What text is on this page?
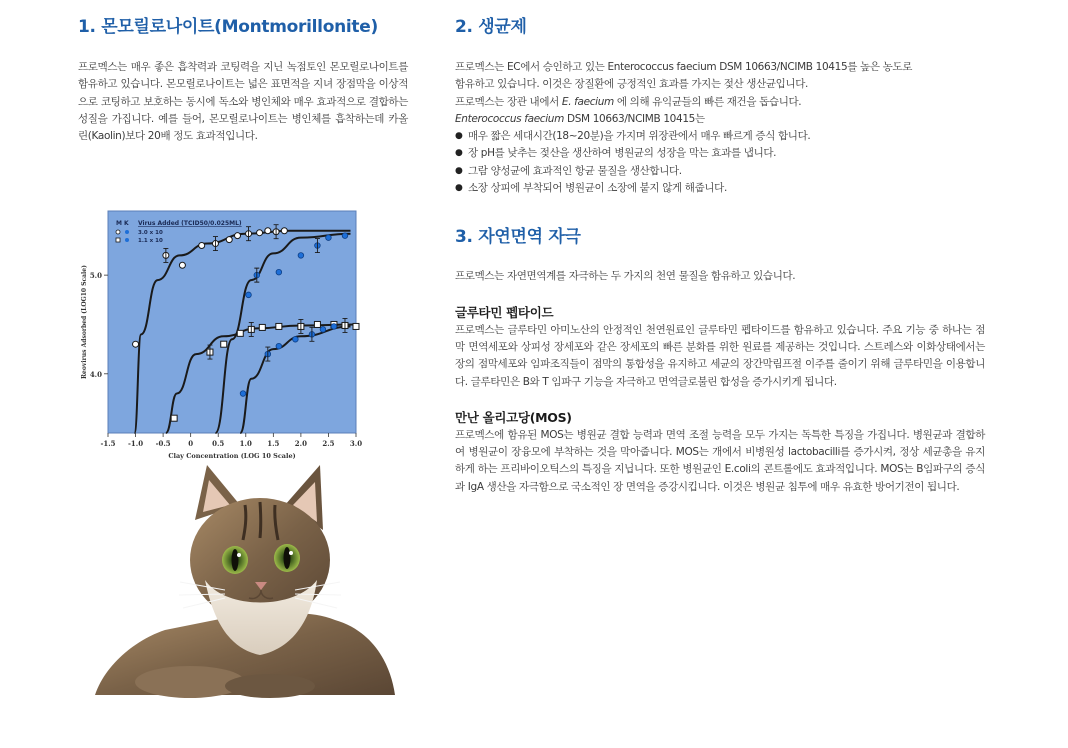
1. 몬모릴로나이트(Montmorillonite)

프로멕스는 매우 좋은 흡착력과 코팅력을 지닌 녹점토인 몬모릴로나이트를 함유하고 있습니다. 몬모릴로나이트는 넓은 표면적을 지녀 장점막을 이상적으로 코팅하고 보호하는 동시에 독소와 병인체와 매우 효과적으로 결합하는 성질을 가집니다. 예를 들어, 몬모릴로나이트는 병인체를 흡착하는데 카올린(Kaolin)보다 20배 정도 효과적입니다.

-1.5 -1.0 -0.5	0	0.5 1.0 1.5 2.0 2.5 3.0
4.0
5.0
Clay Concentration (LOG 10 Scale)
Reovirus Adsorbed (LOG10 Scale)
M K Virus Added (TCID50/0.025ML)
3.0 x 10
1.1 x 10
2. 생균제

프로멕스는 EC에서 승인하고 있는 Enterococcus faecium DSM 10663/NCIMB 10415를 높은 농도로

함유하고 있습니다. 이것은 장질환에 긍정적인 효과를 가지는 젖산 생산균입니다.

프로멕스는 장관 내에서 E. faecium 에 의해 유익균들의 빠른 재건을 돕습니다.

Enterococcus faecium DSM 10663/NCIMB 10415는

● 매우 짧은 세대시간(18~20분)을 가지며 위장관에서 매우 빠르게 증식 합니다.
● 장 pH를 낮추는 젖산을 생산하여 병원균의 성장을 막는 효과를 냅니다.
● 그람 양성균에 효과적인 항균 물질을 생산합니다.
● 소장 상피에 부착되어 병원균이 소장에 붙지 않게 해줍니다.
3. 자연면역 자극

프로멕스는 자연면역계를 자극하는 두 가지의 천연 물질을 함유하고 있습니다.

글루타민 펩타이드

프로멕스는 글루타민 아미노산의 안정적인 천연원료인 글루타민 펩타이드를 함유하고 있습니다. 주요 기능 중 하나는 점막 면역세포와 상피성 장세포와 같은 장세포의 빠른 분화를 위한 원료를 제공하는 것입니다. 스트레스와 이화상태에서는 장의 점막세포와 임파조직들이 점막의 통합성을 유지하고 세균의 장간막림프절 이주를 줄이기 위해 글루타민을 이용합니다. 글루타민은 B와 T 임파구 기능을 자극하고 면역글로불린 합성을 증가시키게 됩니다.

만난 올리고당(MOS)

프로멕스에 함유된 MOS는 병원균 결합 능력과 면역 조절 능력을 모두 가지는 독특한 특징을 가집니다. 병원균과 결합하여 병원균이 장융모에 부착하는 것을 막아줍니다. MOS는 개에서 비병원성 lactobacilli를 증가시켜, 정상 세균총을 유지하게 하는 프리바이오틱스의 특징을 지닙니다. 또한 병원균인 E.coli의 콘트롤에도 효과적입니다. MOS는 B임파구의 증식과 IgA 생산을 자극함으로 국소적인 장 면역을 증강시킵니다. 이것은 병원균 침투에 매우 유효한 방어기전이 됩니다.
